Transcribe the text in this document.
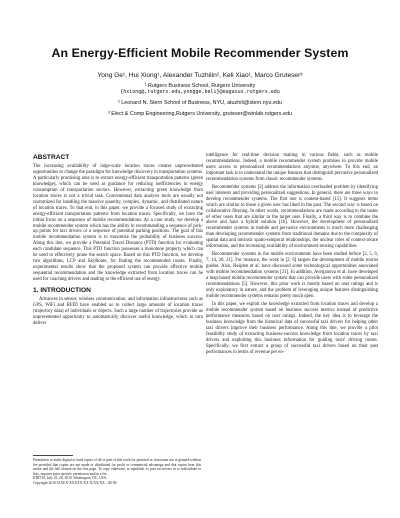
An Energy-Efficient Mobile Recommender System
Yong Ge¹, Hui Xiong¹, Alexander Tuzhilin², Keli Xiao¹, Marco Gruteser³
¹ Rutgers Business School, Rutgers University
{hxiong@,rutgers.edu,yongge,keli}@eagasus.rutgers.edu
² Leonard N. Stern School of Business, NYU, atuzhili@stern.nyu.edu
³ Elect & Comp Engineering,Rutgers University, gruteser@winlab.rutgers.edu
ABSTRACT
The increasing availability of large-scale location traces creates unprecedented opportunities to change the paradigm for knowledge discovery in transportation systems. A particularly promising area is to extract energy-efficient transportation patterns (green knowledge), which can be used as guidance for reducing inefficiencies in energy consumption of transportation sectors. However, extracting green knowledge from location traces is not a trivial task. Conventional data analysis tools are usually not customized for handling the massive quantity, complex, dynamic, and distributed nature of location traces. To that end, in this paper, we provide a focused study of extracting energy-efficient transportation patterns from location traces. Specifically, we have the initial focus on a sequence of mobile recommendations. As a case study, we develop a mobile recommender system which has the ability in recommending a sequence of pick-up points for taxi drivers or a sequence of potential parking positions. The goal of this mobile recommendation system is to maximize the probability of business success. Along this line, we provide a Potential Travel Distance (PTD) function for evaluating each candidate sequence. This PTD function possesses a monotone property which can be used to effectively prune the search space. Based on this PTD function, we develop two algorithms, LCP and SkyRoute, for finding the recommended routes. Finally, experimental results show that the proposed system can provide effective mobile sequential recommendation and the knowledge extracted from location traces can be used for coaching drivers and leading to the efficient use of energy.
1. INTRODUCTION
Advances in sensor, wireless communication, and information infrastructures such as GPS, WiFi and RFID have enabled us to collect large amounts of location traces (trajectory data) of individuals or objects. Such a large number of trajectories provide us unprecedented opportunity to automatically discover useful knowledge, which in turn deliver
Permission to make digital or hard copies of all or part of this work for personal or classroom use is granted without fee provided that copies are not made or distributed for profit or commercial advantage and that copies bear this notice and the full citation on the first page. To copy otherwise, to republish, to post on servers or to redistribute to lists, requires prior specific permission and/or a fee.
KDD'10, July 25–28, 2010, Washington, DC, USA.
Copyright 2010 ACM X-XXXXX-XX-X/XX/XX ...$5.00.
intelligence for real-time decision making in various fields, such as mobile recommendations. Indeed, a mobile recommender system promises to provide mobile users access to personalized recommendations anytime, anywhere. To this end, an important task is to understand the unique features that distinguish pervasive personalized recommendation systems from classic recommender systems.
Recommender systems [3] address the information overloaded problem by identifying user interests and providing personalized suggestions. In general, there are three ways to develop recommender systems. The first one is content-based [15]. It suggests items which are similar to those a given user has liked in the past. The second way is based on collaborative filtering. In other words, recommendations are made according to the tastes of other users that are similar to the target user. Finally, a third way is to combine the above and have a hybrid solution [16]. However, the development of personalized recommender systems in mobile and pervasive environments is much more challenging than developing recommender systems from traditional domains due to the complexity of spatial data and intrinsic spatio-temporal relationships, the unclear roles of context-aware information, and the increasing availability of environment sensing capabilities.
Recommender systems in the mobile environments have been studied before [2, 5, 6, 7, 14, 20, 21]. For instance, the work in [2, 6] targets the development of mobile tourist guides. Also, Heijden et al. have discussed some technological opportunities associated with mobile recommendation systems [21]. In addition, Averjanova et al. have developed a map-based mobile recommender system that can provide users with some personalized recommendations [5]. However, this prior work is mostly based on user ratings and is only exploratory in nature, and the problem of leveraging unique features distinguishing mobile recommender systems remains pretty much open.
In this paper, we exploit the knowledge extracted from location traces and develop a mobile recommender system based on business success metrics instead of predictive performance measures based on user ratings. Indeed, the key idea is to leverage the business knowledge from the historical data of successful taxi drivers for helping other taxi drivers improve their business performance. Along this line, we provide a pilot feasibility study of extracting business-success knowledge from location traces by taxi drivers and exploiting this business information for guiding taxis' driving routes. Specifically, we first extract a group of successful taxi drivers based on their past performances in terms of revenue per en-
